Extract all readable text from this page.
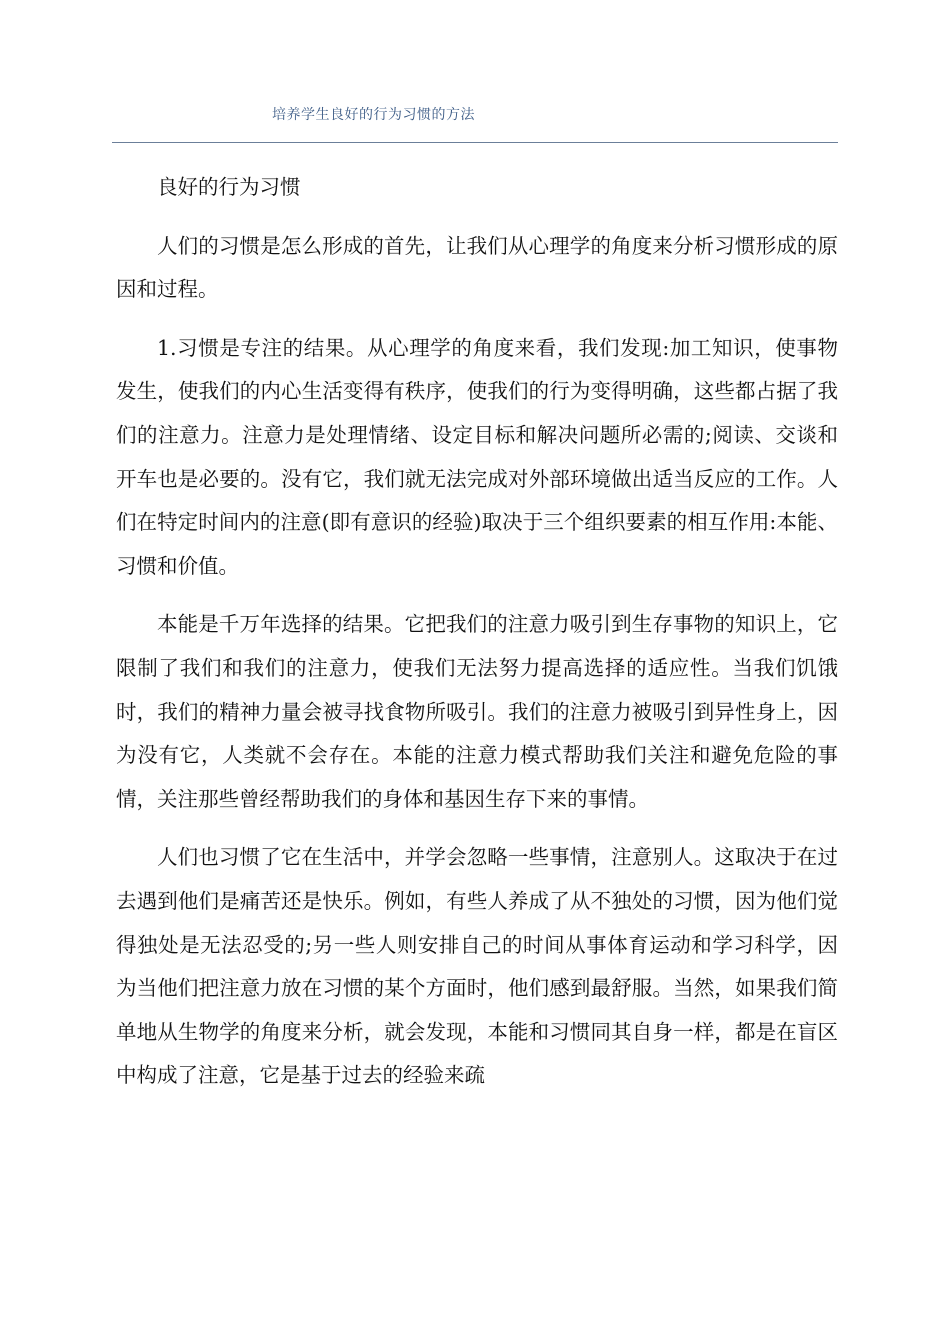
培养学生良好的行为习惯的方法

良好的行为习惯

人们的习惯是怎么形成的首先，让我们从心理学的角度来分析习惯形成的原因和过程。

1.习惯是专注的结果。从心理学的角度来看，我们发现:加工知识，使事物发生，使我们的内心生活变得有秩序，使我们的行为变得明确，这些都占据了我们的注意力。注意力是处理情绪、设定目标和解决问题所必需的;阅读、交谈和开车也是必要的。没有它，我们就无法完成对外部环境做出适当反应的工作。人们在特定时间内的注意(即有意识的经验)取决于三个组织要素的相互作用:本能、习惯和价值。

本能是千万年选择的结果。它把我们的注意力吸引到生存事物的知识上，它限制了我们和我们的注意力，使我们无法努力提高选择的适应性。当我们饥饿时，我们的精神力量会被寻找食物所吸引。我们的注意力被吸引到异性身上，因为没有它，人类就不会存在。本能的注意力模式帮助我们关注和避免危险的事情，关注那些曾经帮助我们的身体和基因生存下来的事情。

人们也习惯了它在生活中，并学会忽略一些事情，注意别人。这取决于在过去遇到他们是痛苦还是快乐。例如，有些人养成了从不独处的习惯，因为他们觉得独处是无法忍受的;另一些人则安排自己的时间从事体育运动和学习科学，因为当他们把注意力放在习惯的某个方面时，他们感到最舒服。当然，如果我们简单地从生物学的角度来分析，就会发现，本能和习惯同其自身一样，都是在盲区中构成了注意，它是基于过去的经验来疏
